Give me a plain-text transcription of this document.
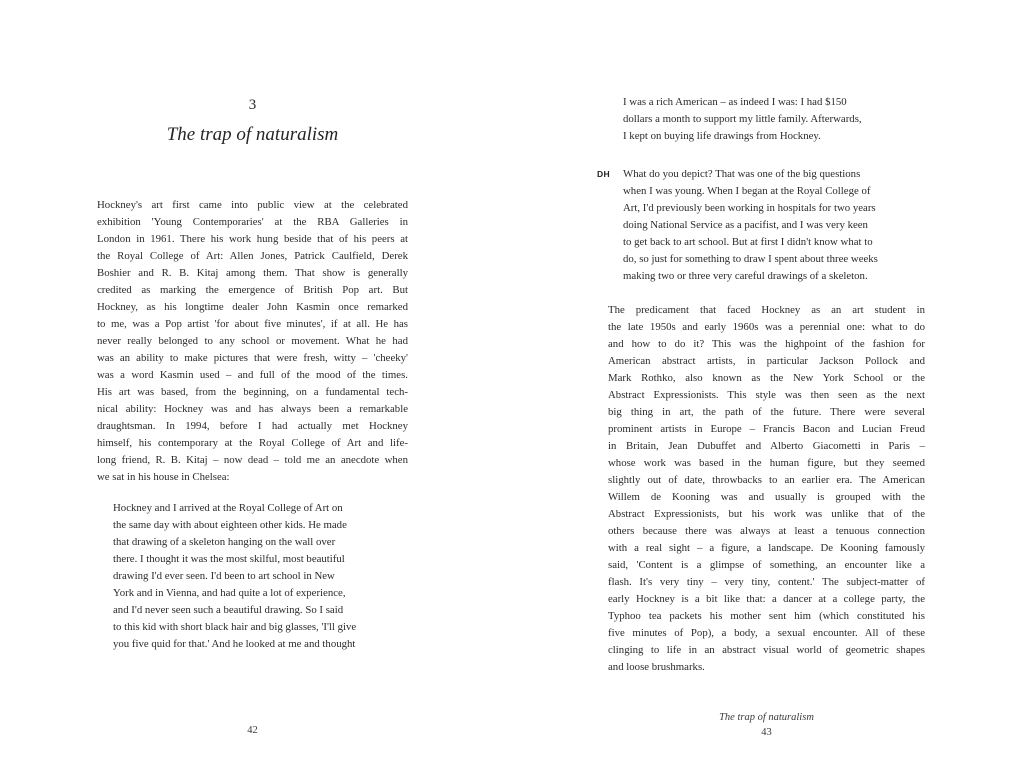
3
The trap of naturalism
Hockney's art first came into public view at the celebrated
exhibition 'Young Contemporaries' at the RBA Galleries in
London in 1961. There his work hung beside that of his peers at
the Royal College of Art: Allen Jones, Patrick Caulfield, Derek
Boshier and R. B. Kitaj among them. That show is generally
credited as marking the emergence of British Pop art. But
Hockney, as his longtime dealer John Kasmin once remarked
to me, was a Pop artist 'for about five minutes', if at all. He has
never really belonged to any school or movement. What he had
was an ability to make pictures that were fresh, witty – 'cheeky'
was a word Kasmin used – and full of the mood of the times.
His art was based, from the beginning, on a fundamental tech-
nical ability: Hockney was and has always been a remarkable
draughtsman. In 1994, before I had actually met Hockney
himself, his contemporary at the Royal College of Art and life-
long friend, R. B. Kitaj – now dead – told me an anecdote when
we sat in his house in Chelsea:
Hockney and I arrived at the Royal College of Art on
the same day with about eighteen other kids. He made
that drawing of a skeleton hanging on the wall over
there. I thought it was the most skilful, most beautiful
drawing I'd ever seen. I'd been to art school in New
York and in Vienna, and had quite a lot of experience,
and I'd never seen such a beautiful drawing. So I said
to this kid with short black hair and big glasses, 'I'll give
you five quid for that.' And he looked at me and thought
42
I was a rich American – as indeed I was: I had $150
dollars a month to support my little family. Afterwards,
I kept on buying life drawings from Hockney.
DH What do you depict? That was one of the big questions
when I was young. When I began at the Royal College of
Art, I'd previously been working in hospitals for two years
doing National Service as a pacifist, and I was very keen
to get back to art school. But at first I didn't know what to
do, so just for something to draw I spent about three weeks
making two or three very careful drawings of a skeleton.
The predicament that faced Hockney as an art student in
the late 1950s and early 1960s was a perennial one: what to do
and how to do it? This was the highpoint of the fashion for
American abstract artists, in particular Jackson Pollock and
Mark Rothko, also known as the New York School or the
Abstract Expressionists. This style was then seen as the next
big thing in art, the path of the future. There were several
prominent artists in Europe – Francis Bacon and Lucian Freud
in Britain, Jean Dubuffet and Alberto Giacometti in Paris –
whose work was based in the human figure, but they seemed
slightly out of date, throwbacks to an earlier era. The American
Willem de Kooning was and usually is grouped with the
Abstract Expressionists, but his work was unlike that of the
others because there was always at least a tenuous connection
with a real sight – a figure, a landscape. De Kooning famously
said, 'Content is a glimpse of something, an encounter like a
flash. It's very tiny – very tiny, content.' The subject-matter of
early Hockney is a bit like that: a dancer at a college party, the
Typhoo tea packets his mother sent him (which constituted his
five minutes of Pop), a body, a sexual encounter. All of these
clinging to life in an abstract visual world of geometric shapes
and loose brushmarks.
The trap of naturalism
43
